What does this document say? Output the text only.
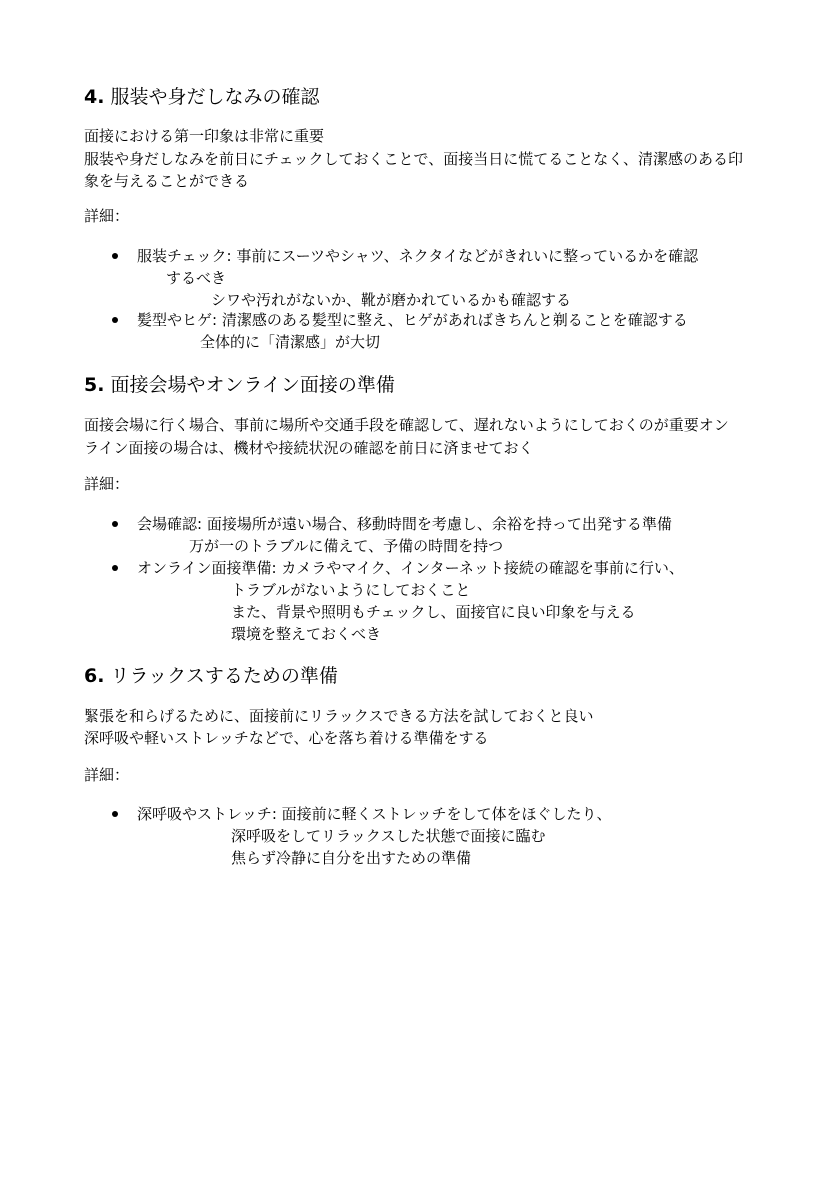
4. 服装や身だしなみの確認
面接における第一印象は非常に重要
服装や身だしなみを前日にチェックしておくことで、面接当日に慌てることなく、清潔感のある印
象を与えることができる
詳細：
服装チェック: 事前にスーツやシャツ、ネクタイなどがきれいに整っているかを確認
するべき
シワや汚れがないか、靴が磨かれているかも確認する
髪型やヒゲ: 清潔感のある髪型に整え、ヒゲがあればきちんと剃ることを確認する
全体的に「清潔感」が大切
5. 面接会場やオンライン面接の準備
面接会場に行く場合、事前に場所や交通手段を確認して、遅れないようにしておくのが重要オン
ライン面接の場合は、機材や接続状況の確認を前日に済ませておく
詳細：
会場確認: 面接場所が遠い場合、移動時間を考慮し、余裕を持って出発する準備
万が一のトラブルに備えて、予備の時間を持つ
オンライン面接準備: カメラやマイク、インターネット接続の確認を事前に行い、
トラブルがないようにしておくこと
また、背景や照明もチェックし、面接官に良い印象を与える
環境を整えておくべき
6. リラックスするための準備
緊張を和らげるために、面接前にリラックスできる方法を試しておくと良い
深呼吸や軽いストレッチなどで、心を落ち着ける準備をする
詳細：
深呼吸やストレッチ: 面接前に軽くストレッチをして体をほぐしたり、
深呼吸をしてリラックスした状態で面接に臨む
焦らず冷静に自分を出すための準備
